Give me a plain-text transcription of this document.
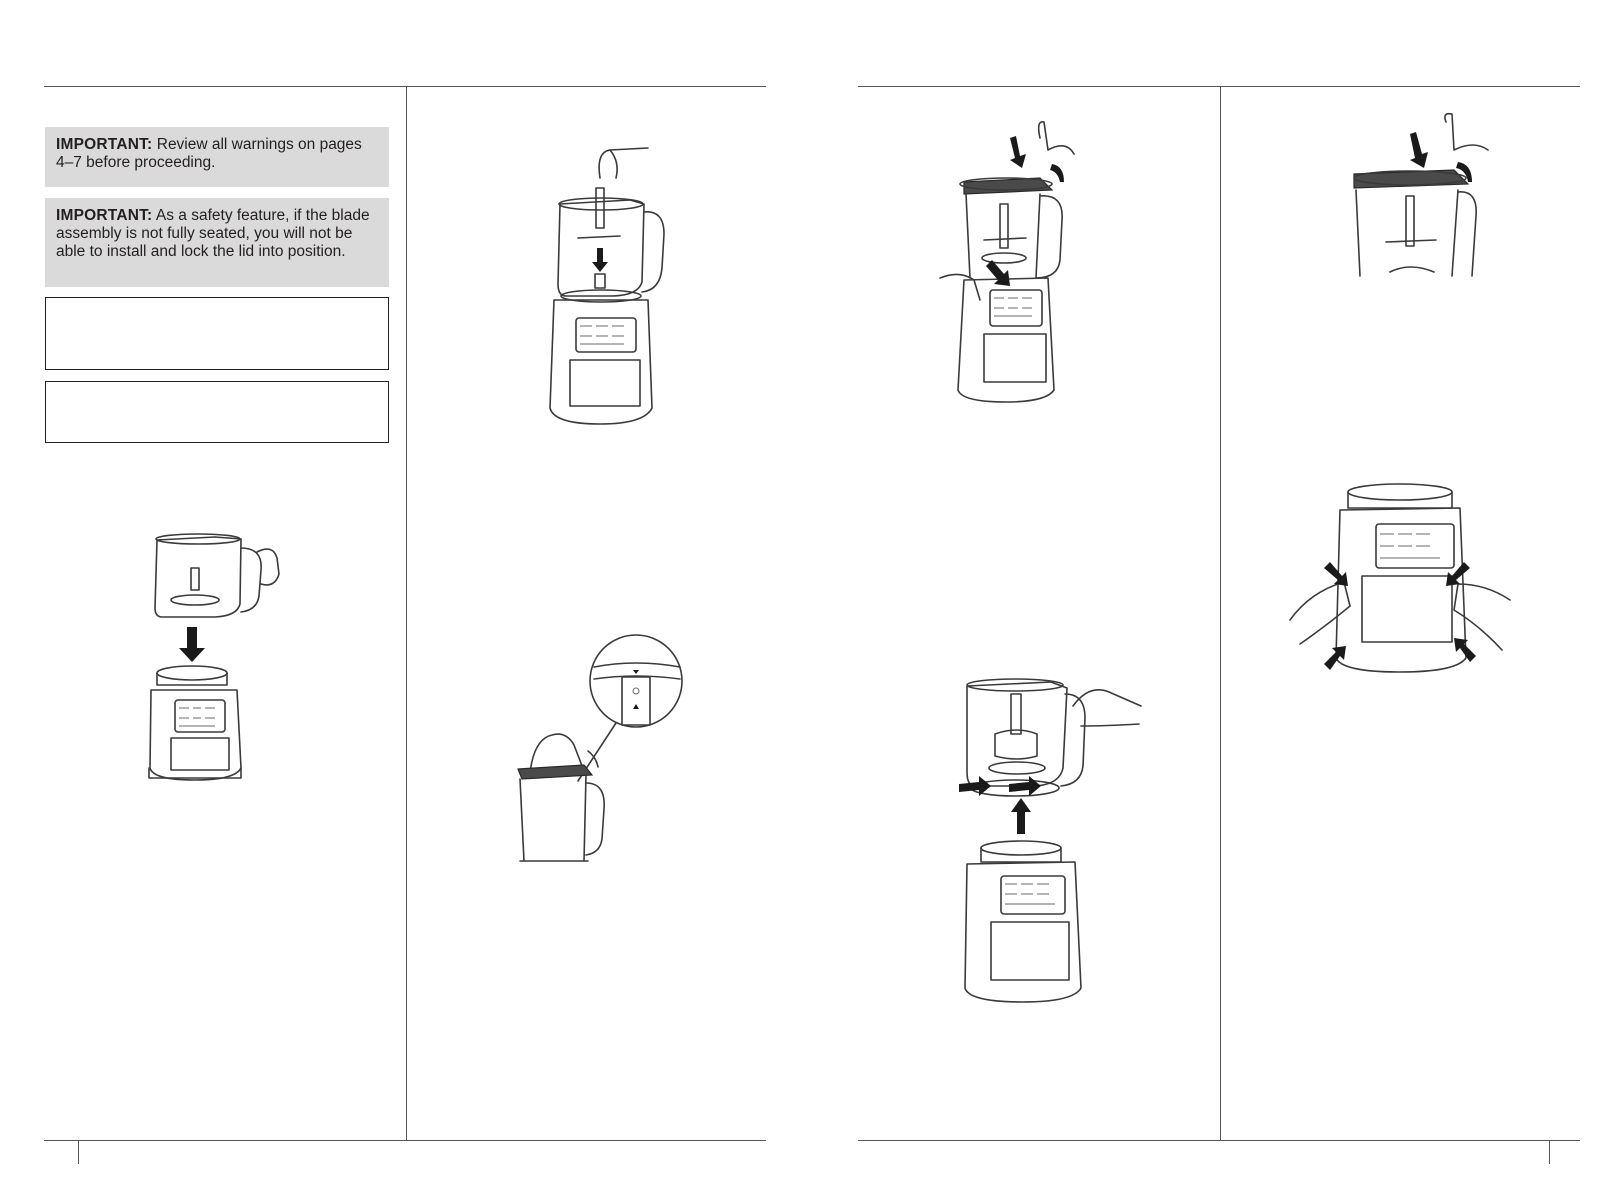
IMPORTANT: Review all warnings on pages 4–7 before proceeding.
IMPORTANT: As a safety feature, if the blade assembly is not fully seated, you will not be able to install and lock the lid into position.
